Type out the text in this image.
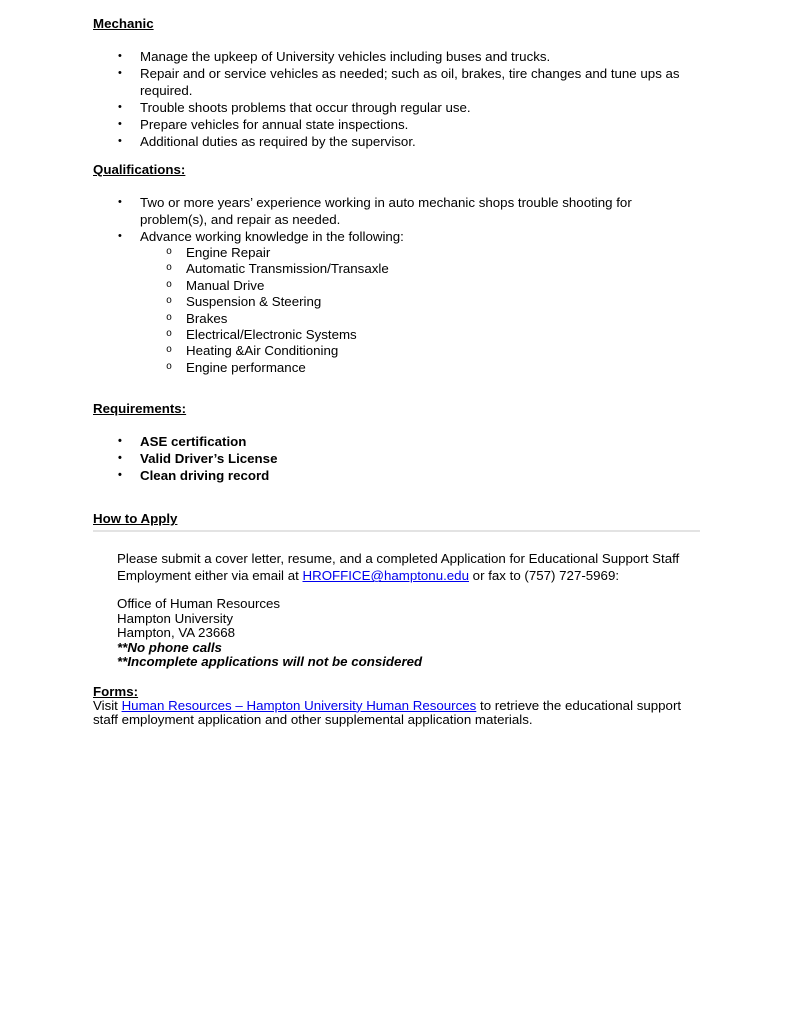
Mechanic
•	Manage the upkeep of University vehicles including buses and trucks.
•	Repair and or service vehicles as needed; such as oil, brakes, tire changes and tune ups as required.
•	Trouble shoots problems that occur through regular use.
•	Prepare vehicles for annual state inspections.
•	Additional duties as required by the supervisor.
Qualifications:
•	Two or more years’ experience working in auto mechanic shops trouble shooting for problem(s), and repair as needed.
•	Advance working knowledge in the following:
o	Engine Repair
o	Automatic Transmission/Transaxle
o	Manual Drive
o	Suspension & Steering
o	Brakes
o	Electrical/Electronic Systems
o	Heating &Air Conditioning
o	Engine performance
Requirements:
•	ASE certification
•	Valid Driver’s License
•	Clean driving record
How to Apply

Please submit a cover letter, resume, and a completed Application for Educational Support Staff Employment either via email at HROFFICE@hamptonu.edu or fax to (757) 727-5969:

Office of Human Resources
Hampton University
Hampton, VA 23668
**No phone calls
**Incomplete applications will not be considered
Forms:

Visit Human Resources – Hampton University Human Resources to retrieve the educational support staff employment application and other supplemental application materials.
